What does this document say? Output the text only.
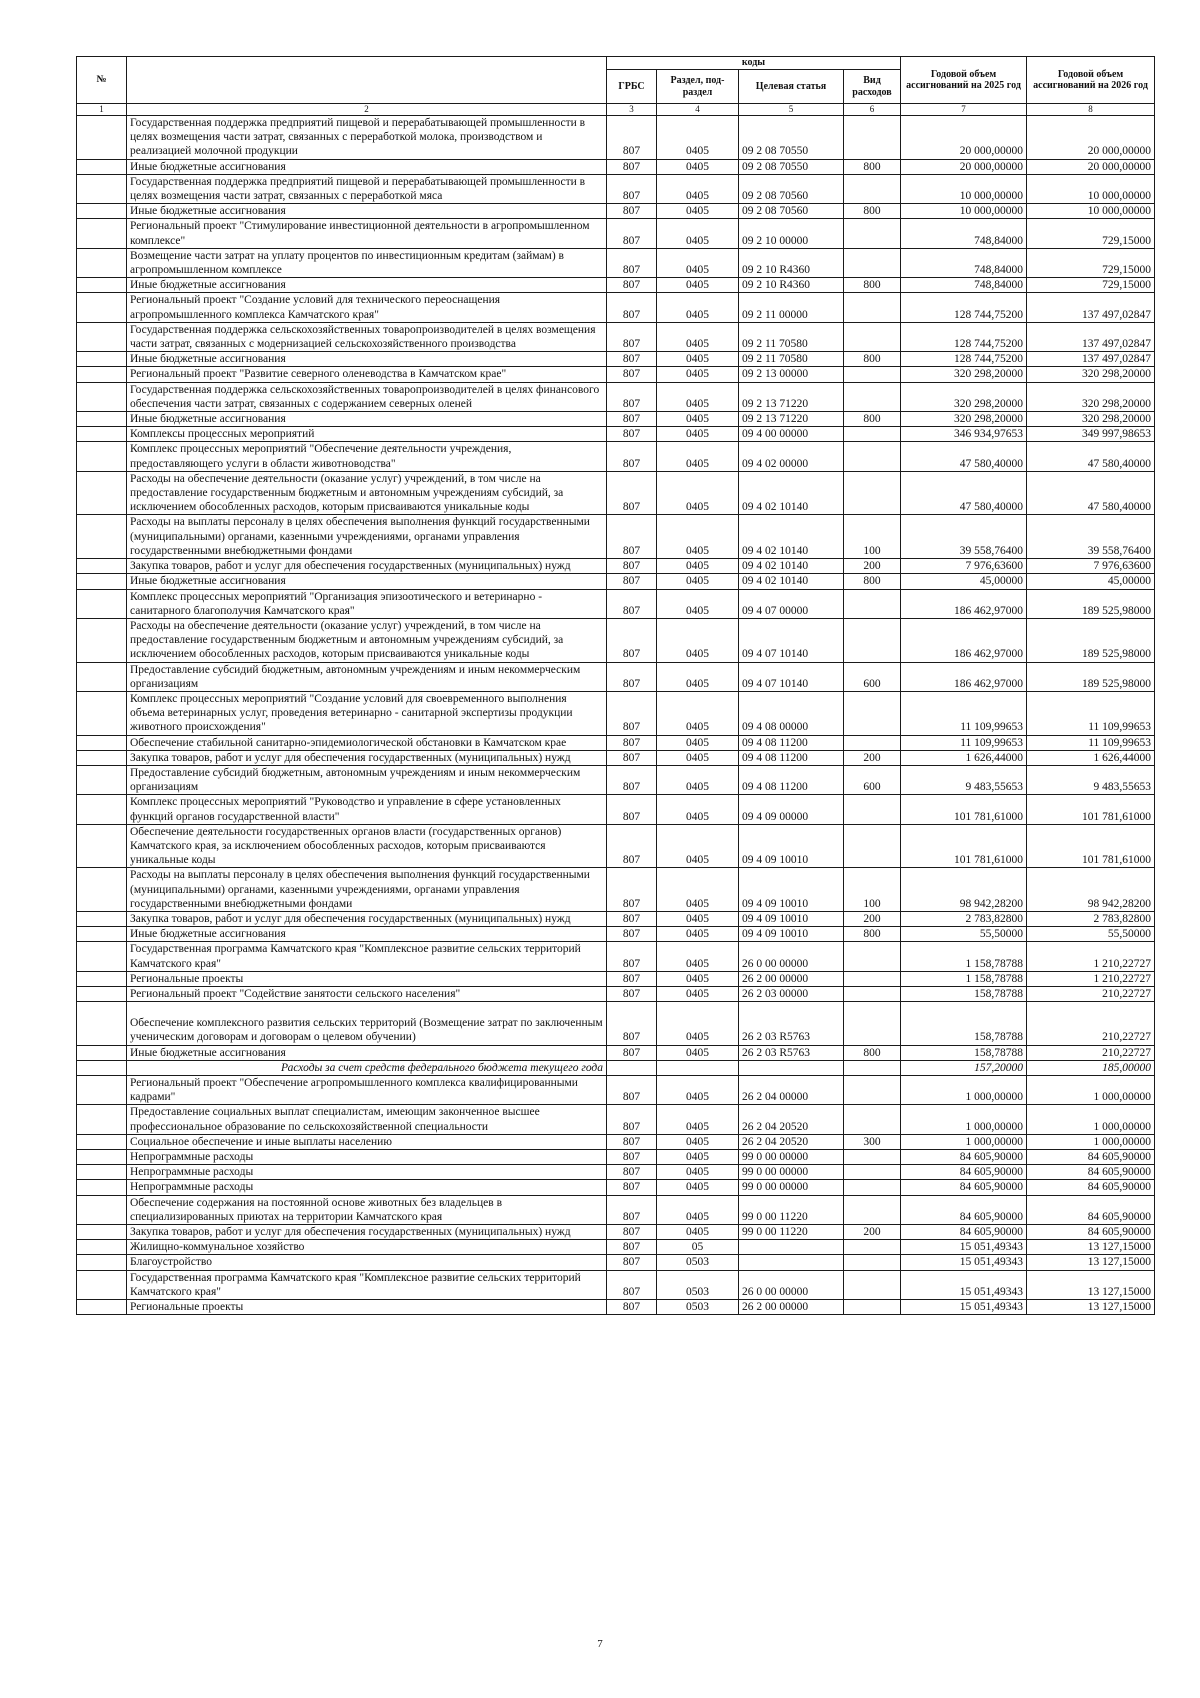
№		коды				Годовой объем ассигнований на 2025 год	Годовой объем ассигнований на 2026 год
		ГРБС	Раздел, под-раздел	Целевая статья	Вид расходов		
1	2	3	4	5	6	7	8
	Государственная поддержка предприятий пищевой и перерабатывающей промышленности в целях возмещения части затрат, связанных с переработкой молока, производством и реализацией молочной продукции	807	0405	09 2 08 70550		20 000,00000	20 000,00000
	Иные бюджетные ассигнования	807	0405	09 2 08 70550	800	20 000,00000	20 000,00000
	Государственная поддержка предприятий пищевой и перерабатывающей промышленности в целях возмещения части затрат, связанных с переработкой мяса	807	0405	09 2 08 70560		10 000,00000	10 000,00000
	Иные бюджетные ассигнования	807	0405	09 2 08 70560	800	10 000,00000	10 000,00000
	Региональный проект "Стимулирование инвестиционной деятельности в агропромышленном комплексе"	807	0405	09 2 10 00000		748,84000	729,15000
	Возмещение части затрат на уплату процентов по инвестиционным кредитам (займам) в агропромышленном комплексе	807	0405	09 2 10 R4360		748,84000	729,15000
	Иные бюджетные ассигнования	807	0405	09 2 10 R4360	800	748,84000	729,15000
	Региональный проект "Создание условий для технического переоснащения агропромышленного комплекса Камчатского края"	807	0405	09 2 11 00000		128 744,75200	137 497,02847
	Государственная поддержка сельскохозяйственных товаропроизводителей в целях возмещения части затрат, связанных с модернизацией сельскохозяйственного производства	807	0405	09 2 11 70580		128 744,75200	137 497,02847
	Иные бюджетные ассигнования	807	0405	09 2 11 70580	800	128 744,75200	137 497,02847
	Региональный проект "Развитие северного оленеводства в Камчатском крае"	807	0405	09 2 13 00000		320 298,20000	320 298,20000
	Государственная поддержка сельскохозяйственных товаропроизводителей в целях финансового обеспечения части затрат, связанных с содержанием северных оленей	807	0405	09 2 13 71220		320 298,20000	320 298,20000
	Иные бюджетные ассигнования	807	0405	09 2 13 71220	800	320 298,20000	320 298,20000
	Комплексы процессных мероприятий	807	0405	09 4 00 00000		346 934,97653	349 997,98653
	Комплекс процессных мероприятий "Обеспечение деятельности учреждения, предоставляющего услуги в области животноводства"	807	0405	09 4 02 00000		47 580,40000	47 580,40000
	Расходы на обеспечение деятельности (оказание услуг) учреждений, в том числе на предоставление государственным бюджетным и автономным учреждениям субсидий, за исключением обособленных расходов, которым присваиваются уникальные коды	807	0405	09 4 02 10140		47 580,40000	47 580,40000
	Расходы на выплаты персоналу в целях обеспечения выполнения функций государственными (муниципальными) органами, казенными учреждениями, органами управления государственными внебюджетными фондами	807	0405	09 4 02 10140	100	39 558,76400	39 558,76400
	Закупка товаров, работ и услуг для обеспечения государственных (муниципальных) нужд	807	0405	09 4 02 10140	200	7 976,63600	7 976,63600
	Иные бюджетные ассигнования	807	0405	09 4 02 10140	800	45,00000	45,00000
	Комплекс процессных мероприятий "Организация эпизоотического и ветеринарно - санитарного благополучия Камчатского края"	807	0405	09 4 07 00000		186 462,97000	189 525,98000
	Расходы на обеспечение деятельности (оказание услуг) учреждений, в том числе на предоставление государственным бюджетным и автономным учреждениям субсидий, за исключением обособленных расходов, которым присваиваются уникальные коды	807	0405	09 4 07 10140		186 462,97000	189 525,98000
	Предоставление субсидий бюджетным, автономным учреждениям и иным некоммерческим организациям	807	0405	09 4 07 10140	600	186 462,97000	189 525,98000
	Комплекс процессных мероприятий "Создание условий для своевременного выполнения объема ветеринарных услуг, проведения ветеринарно - санитарной экспертизы продукции животного происхождения"	807	0405	09 4 08 00000		11 109,99653	11 109,99653
	Обеспечение стабильной санитарно-эпидемиологической обстановки в Камчатском крае	807	0405	09 4 08 11200		11 109,99653	11 109,99653
	Закупка товаров, работ и услуг для обеспечения государственных (муниципальных) нужд	807	0405	09 4 08 11200	200	1 626,44000	1 626,44000
	Предоставление субсидий бюджетным, автономным учреждениям и иным некоммерческим организациям	807	0405	09 4 08 11200	600	9 483,55653	9 483,55653
	Комплекс процессных мероприятий "Руководство и управление в сфере установленных функций органов государственной власти"	807	0405	09 4 09 00000		101 781,61000	101 781,61000
	Обеспечение деятельности государственных органов власти (государственных органов) Камчатского края, за исключением обособленных расходов, которым присваиваются уникальные коды	807	0405	09 4 09 10010		101 781,61000	101 781,61000
	Расходы на выплаты персоналу в целях обеспечения выполнения функций государственными (муниципальными) органами, казенными учреждениями, органами управления государственными внебюджетными фондами	807	0405	09 4 09 10010	100	98 942,28200	98 942,28200
	Закупка товаров, работ и услуг для обеспечения государственных (муниципальных) нужд	807	0405	09 4 09 10010	200	2 783,82800	2 783,82800
	Иные бюджетные ассигнования	807	0405	09 4 09 10010	800	55,50000	55,50000
	Государственная программа Камчатского края "Комплексное развитие сельских территорий Камчатского края"	807	0405	26 0 00 00000		1 158,78788	1 210,22727
	Региональные проекты	807	0405	26 2 00 00000		1 158,78788	1 210,22727
	Региональный проект "Содействие занятости сельского населения"	807	0405	26 2 03 00000		158,78788	210,22727
	Обеспечение комплексного развития сельских территорий (Возмещение затрат по заключенным ученическим договорам и договорам о целевом обучении)	807	0405	26 2 03 R5763		158,78788	210,22727
	Иные бюджетные ассигнования	807	0405	26 2 03 R5763	800	158,78788	210,22727
	Расходы за счет средств федерального бюджета текущего года					157,20000	185,00000
	Региональный проект "Обеспечение агропромышленного комплекса квалифицированными кадрами"	807	0405	26 2 04 00000		1 000,00000	1 000,00000
	Предоставление социальных выплат специалистам, имеющим законченное высшее профессиональное образование по сельскохозяйственной специальности	807	0405	26 2 04 20520		1 000,00000	1 000,00000
	Социальное обеспечение и иные выплаты населению	807	0405	26 2 04 20520	300	1 000,00000	1 000,00000
	Непрограммные расходы	807	0405	99 0 00 00000		84 605,90000	84 605,90000
	Непрограммные расходы	807	0405	99 0 00 00000		84 605,90000	84 605,90000
	Непрограммные расходы	807	0405	99 0 00 00000		84 605,90000	84 605,90000
	Обеспечение содержания на постоянной основе животных без владельцев в специализированных приютах на территории Камчатского края	807	0405	99 0 00 11220		84 605,90000	84 605,90000
	Закупка товаров, работ и услуг для обеспечения государственных (муниципальных) нужд	807	0405	99 0 00 11220	200	84 605,90000	84 605,90000
	Жилищно-коммунальное хозяйство	807	05			15 051,49343	13 127,15000
	Благоустройство	807	0503			15 051,49343	13 127,15000
	Государственная программа Камчатского края "Комплексное развитие сельских территорий Камчатского края"	807	0503	26 0 00 00000		15 051,49343	13 127,15000
	Региональные проекты	807	0503	26 2 00 00000		15 051,49343	13 127,15000
7
